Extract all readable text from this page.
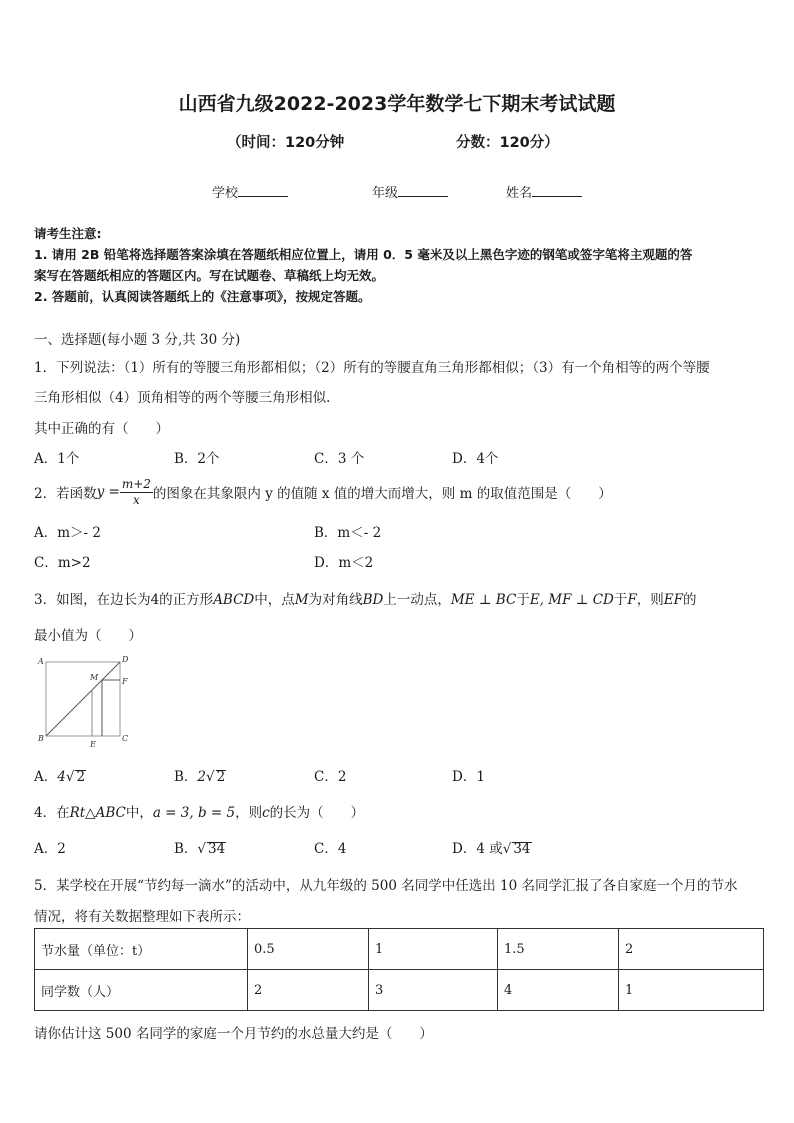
山西省九级2022-2023学年数学七下期末考试试题
（时间：120分钟	分数：120分）
学校	年级	姓名
请考生注意:
1. 请用 2B 铅笔将选择题答案涂填在答题纸相应位置上，请用 0．5 毫米及以上黑色字迹的钢笔或签字笔将主观题的答
案写在答题纸相应的答题区内。写在试题卷、草稿纸上均无效。
2. 答题前，认真阅读答题纸上的《注意事项》，按规定答题。
一、选择题(每小题 3 分,共 30 分)
1．下列说法：（1）所有的等腰三角形都相似；（2）所有的等腰直角三角形都相似；（3）有一个角相等的两个等腰
三角形相似（4）顶角相等的两个等腰三角形相似.
其中正确的有（　　）
A．1个	B．2个	C．3 个	D．4个
2．若函数 $y = \frac{m+2}{x}$ 的图象在其象限内 y 的值随 x 值的增大而增大，则 m 的取值范围是（　　）
A．m＞- 2	B．m＜- 2
C．m>2	D．m＜2
3．如图，在边长为4的正方形ABCD中，点M为对角线BD上一动点，ME ⊥ BC于E, MF ⊥ CD于F，则EF的
最小值为（　　）
A	D
B	C
M	F
E
A．4√ 2	B．2√ 2	C．2	D．1
4．在Rt△ABC中，a = 3, b = 5，则c的长为（　　）
A．2	B．√ 34	C．4	D．4 或√ 34
5．某学校在开展“节约每一滴水”的活动中，从九年级的 500 名同学中任选出 10 名同学汇报了各自家庭一个月的节水
情况，将有关数据整理如下表所示：
节水量（单位：t）	0.5	1	1.5	2
同学数（人）	2	3	4	1
请你估计这 500 名同学的家庭一个月节约的水总量大约是（　　）
